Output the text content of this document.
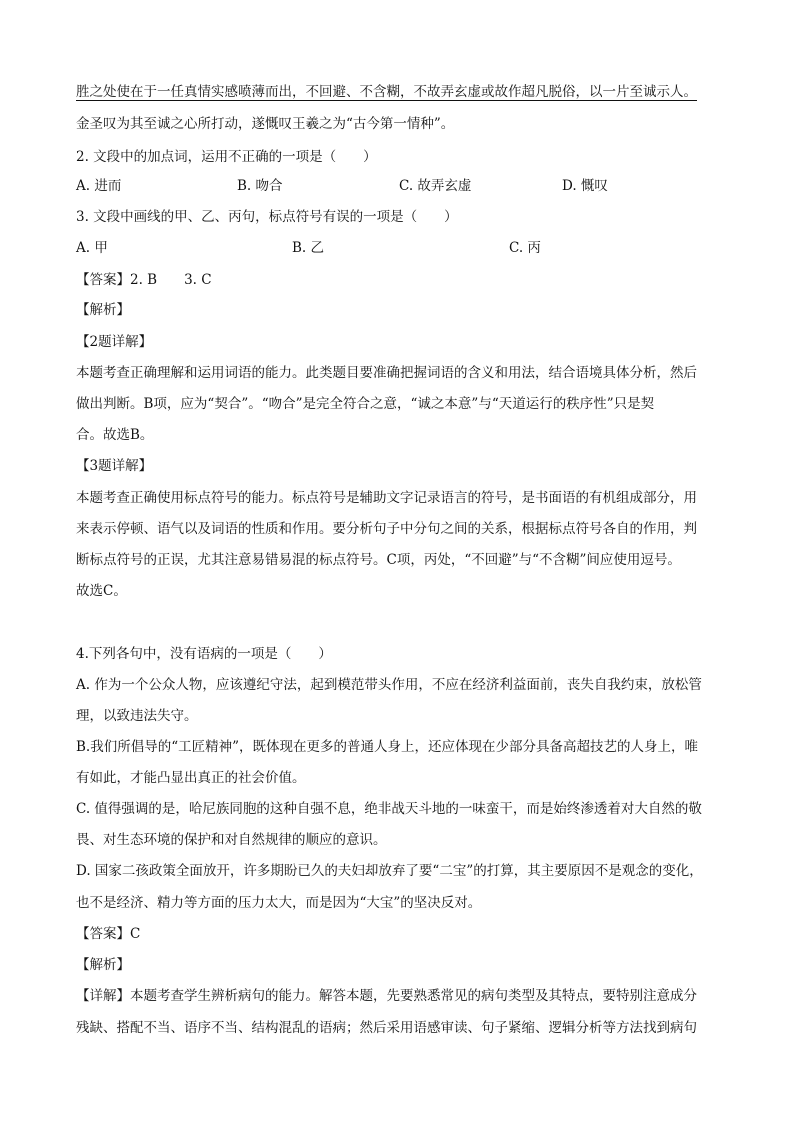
胜之处使在于一任真情实感喷薄而出，不回避、不含糊，不故弄玄虚或故作超凡脱俗，以一片至诚示人。

金圣叹为其至诚之心所打动，遂慨叹王羲之为“古今第一情种”。

2. 文段中的加点词，运用不正确的一项是（　　）

A. 进而	B. 吻合	C. 故弄玄虚	D. 慨叹

3. 文段中画线的甲、乙、丙句，标点符号有误的一项是（　　）

A. 甲	B. 乙	C. 丙

【答案】2. B　　3. C

【解析】

【2题详解】

本题考查正确理解和运用词语的能力。此类题目要准确把握词语的含义和用法，结合语境具体分析，然后

做出判断。B项，应为“契合”。“吻合”是完全符合之意，“诚之本意”与“天道运行的秩序性”只是契

合。故选B。

【3题详解】

本题考查正确使用标点符号的能力。标点符号是辅助文字记录语言的符号，是书面语的有机组成部分，用

来表示停顿、语气以及词语的性质和作用。要分析句子中分句之间的关系，根据标点符号各自的作用，判

断标点符号的正误，尤其注意易错易混的标点符号。C项，丙处，“不回避”与“不含糊”间应使用逗号。

故选C。

4.下列各句中，没有语病的一项是（　　）

A. 作为一个公众人物，应该遵纪守法，起到模范带头作用，不应在经济利益面前，丧失自我约束，放松管

理，以致违法失守。

B.我们所倡导的“工匠精神”，既体现在更多的普通人身上，还应体现在少部分具备高超技艺的人身上，唯

有如此，才能凸显出真正的社会价值。

C. 值得强调的是，哈尼族同胞的这种自强不息，绝非战天斗地的一味蛮干，而是始终渗透着对大自然的敬

畏、对生态环境的保护和对自然规律的顺应的意识。

D. 国家二孩政策全面放开，许多期盼已久的夫妇却放弃了要“二宝”的打算，其主要原因不是观念的变化，

也不是经济、精力等方面的压力太大，而是因为“大宝”的坚决反对。

【答案】C

【解析】

【详解】本题考查学生辨析病句的能力。解答本题，先要熟悉常见的病句类型及其特点，要特别注意成分

残缺、搭配不当、语序不当、结构混乱的语病；然后采用语感审读、句子紧缩、逻辑分析等方法找到病句
